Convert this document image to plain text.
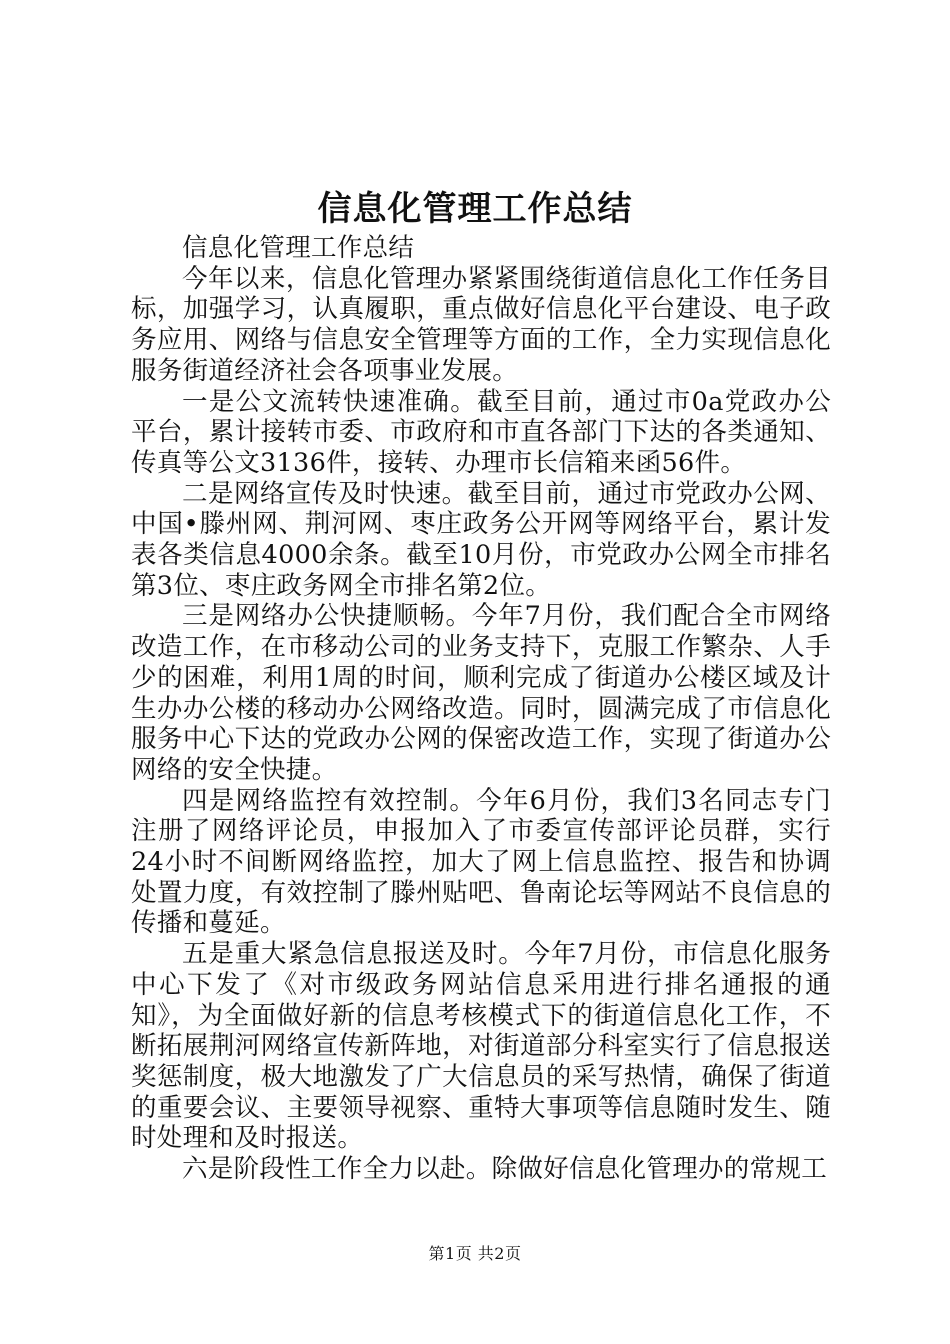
信息化管理工作总结

信息化管理工作总结

今年以来，信息化管理办紧紧围绕街道信息化工作任务目标，加强学习，认真履职，重点做好信息化平台建设、电子政务应用、网络与信息安全管理等方面的工作，全力实现信息化服务街道经济社会各项事业发展。

一是公文流转快速准确。截至目前，通过市0a党政办公平台，累计接转市委、市政府和市直各部门下达的各类通知、传真等公文3136件，接转、办理市长信箱来函56件。

二是网络宣传及时快速。截至目前，通过市党政办公网、中国•滕州网、荆河网、枣庄政务公开网等网络平台，累计发表各类信息4000余条。截至10月份，市党政办公网全市排名第3位、枣庄政务网全市排名第2位。

三是网络办公快捷顺畅。今年7月份，我们配合全市网络改造工作，在市移动公司的业务支持下，克服工作繁杂、人手少的困难，利用1周的时间，顺利完成了街道办公楼区域及计生办办公楼的移动办公网络改造。同时，圆满完成了市信息化服务中心下达的党政办公网的保密改造工作，实现了街道办公网络的安全快捷。

四是网络监控有效控制。今年6月份，我们3名同志专门注册了网络评论员，申报加入了市委宣传部评论员群，实行24小时不间断网络监控，加大了网上信息监控、报告和协调处置力度，有效控制了滕州贴吧、鲁南论坛等网站不良信息的传播和蔓延。

五是重大紧急信息报送及时。今年7月份，市信息化服务中心下发了《对市级政务网站信息采用进行排名通报的通知》，为全面做好新的信息考核模式下的街道信息化工作，不断拓展荆河网络宣传新阵地，对街道部分科室实行了信息报送奖惩制度，极大地激发了广大信息员的采写热情，确保了街道的重要会议、主要领导视察、重特大事项等信息随时发生、随时处理和及时报送。

六是阶段性工作全力以赴。除做好信息化管理办的常规工

第1页 共2页
